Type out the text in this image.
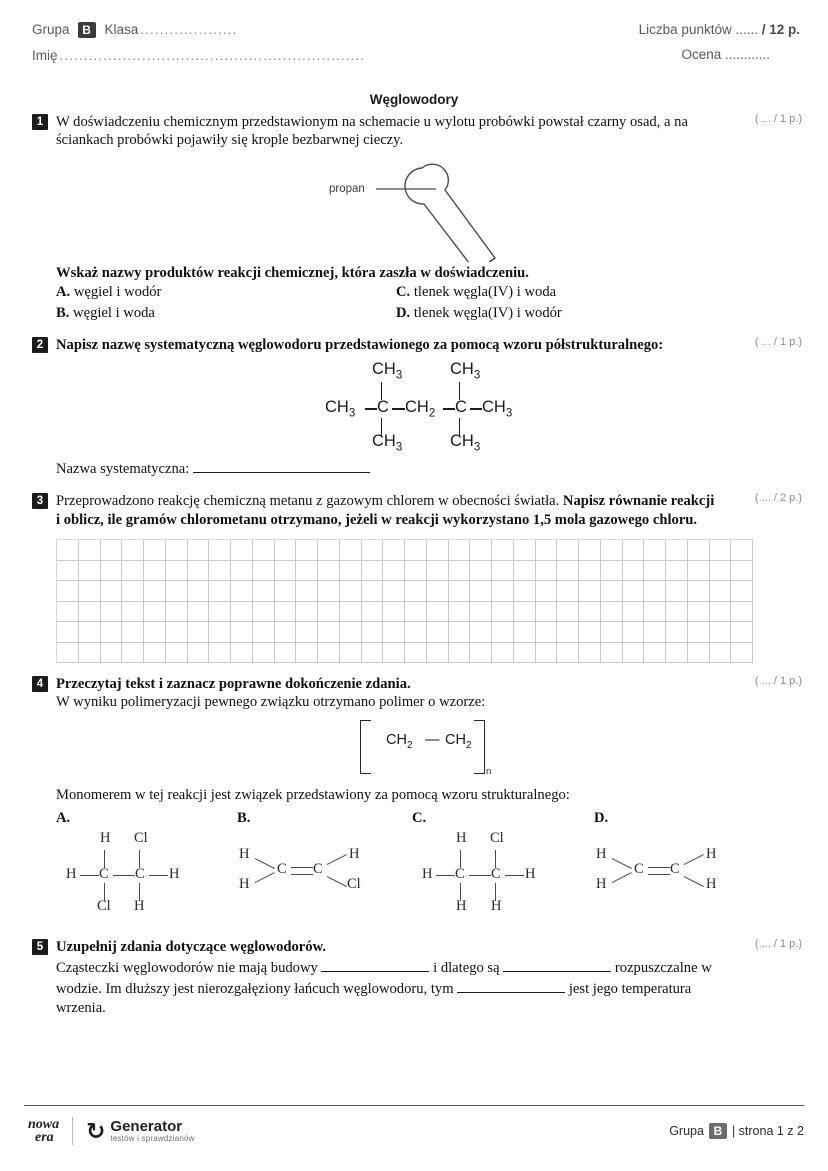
Grupa	B	Klasa ....................
Imię ...............................................................
Liczba punktów ...... / 12 p.
Ocena ............
Węglowodory
1	( ... / 1 p.)
W doświadczeniu chemicznym przedstawionym na schemacie u wylotu probówki powstał czarny osad, a na ściankach probówki pojawiły się krople bezbarwnej cieczy.
propan
Wskaż nazwy produktów reakcji chemicznej, która zaszła w doświadczeniu.
A. węgiel i wodór	C. tlenek węgla(IV) i woda
B. węgiel i woda	D. tlenek węgla(IV) i wodór
2	( ... / 1 p.)
Napisz nazwę systematyczną węglowodoru przedstawionego za pomocą wzoru półstrukturalnego:
$CH_3$	$CH_3$
$CH_3$ C $CH_2$ C $CH_3$
$CH_3$	$CH_3$
Nazwa systematyczna:
3	( ... / 2 p.)
Przeprowadzono reakcję chemiczną metanu z gazowym chlorem w obecności światła. Napisz równanie reakcji i oblicz, ile gramów chlorometanu otrzymano, jeżeli w reakcji wykorzystano 1,5 mola gazowego chloru.
4	( ... / 1 p.)
Przeczytaj tekst i zaznacz poprawne dokończenie zdania.
W wyniku polimeryzacji pewnego związku otrzymano polimer o wzorze:
$CH_2$ — $CH_2$
n
Monomerem w tej reakcji jest związek przedstawiony za pomocą wzoru strukturalnego:
A.	B.	C.	D.
H Cl
H C C H
Cl H
H
H
C C
H
Cl
H Cl
H C C H
H H
H
H
C C
H
H
5	( ... / 1 p.)
Uzupełnij zdania dotyczące węglowodorów.
Cząsteczki węglowodorów nie mają budowy	i dlatego są	rozpuszczalne w wodzie. Im dłuższy jest nierozgałęziony łańcuch węglowodoru, tym	jest jego temperatura wrzenia.
nowa
era ↻ Generator
testów i sprawdzianów
Grupa B | strona 1 z 2
